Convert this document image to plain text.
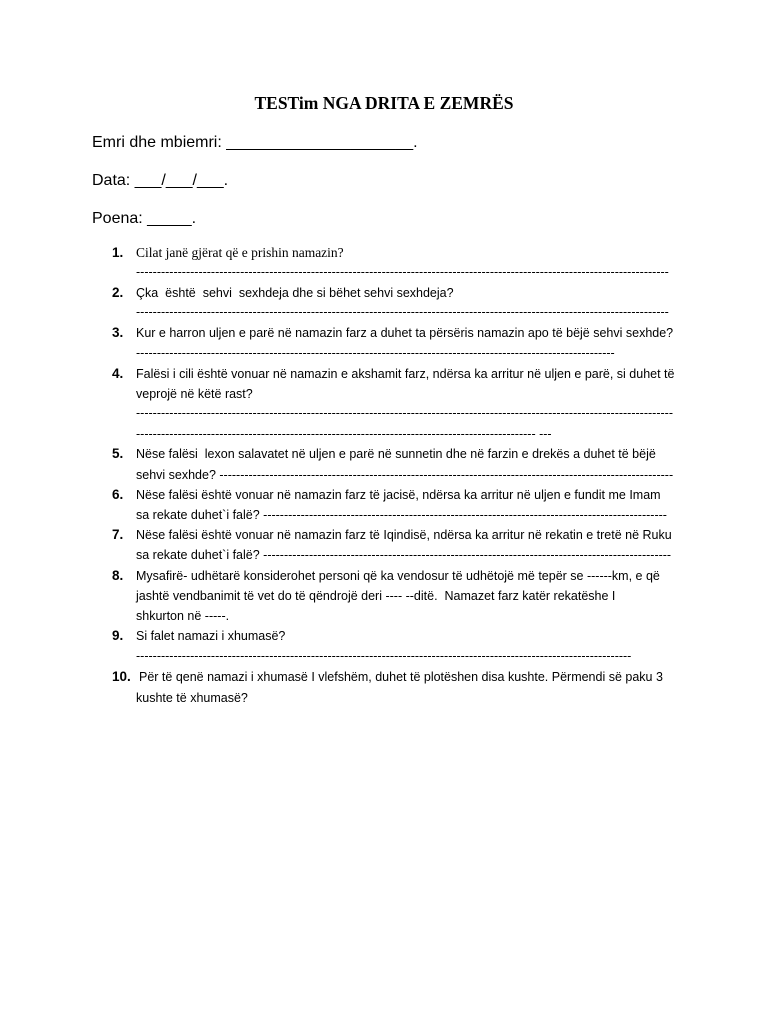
TESTim NGA DRITA E ZEMRËS
Emri dhe mbiemri: _____________________.
Data: ___/___/___.
Poena: _____.
1. Cilat janë gjërat që e prishin namazin?
--------------------------------------------------------------------------------------------------------------------------------
2. Çka  është  sehvi  sexhdeja dhe si bëhet sehvi sexhdeja?
--------------------------------------------------------------------------------------------------------------------------------
3. Kur e harron uljen e parë në namazin farz a duhet ta përsëris namazin apo të bëjë sehvi sexhde?
-------------------------------------------------------------------------------------------------------------------
4. Falësi i cili është vonuar në namazin e akshamit farz, ndërsa ka arritur në uljen e parë, si duhet të
veprojë në këtë rast?
---------------------------------------------------------------------------------------------------------------------------------
------------------------------------------------------------------------------------------------ ---
5. Nëse falësi  lexon salavatet në uljen e parë në sunnetin dhe në farzin e drekës a duhet të bëjë
sehvi sexhde? -------------------------------------------------------------------------------------------------------------
6. Nëse falësi është vonuar në namazin farz të jacisë, ndërsa ka arritur në uljen e fundit me Imam
sa rekate duhet`i falë? -------------------------------------------------------------------------------------------------
7. Nëse falësi është vonuar në namazin farz të Iqindisë, ndërsa ka arritur në rekatin e tretë në Ruku
sa rekate duhet`i falë? --------------------------------------------------------------------------------------------------
8. Mysafirë- udhëtarë konsiderohet personi që ka vendosur të udhëtojë më tepër se ------km, e që
jashtë vendbanimit të vet do të qëndrojë deri ---- --ditë.  Namazet farz katër rekatëshe I
shkurton në -----.
9. Si falet namazi i xhumasë?
-----------------------------------------------------------------------------------------------------------------------
10. Për të qenë namazi i xhumasë I vlefshëm, duhet të plotëshen disa kushte. Përmendi së paku 3
kushte të xhumasë?
